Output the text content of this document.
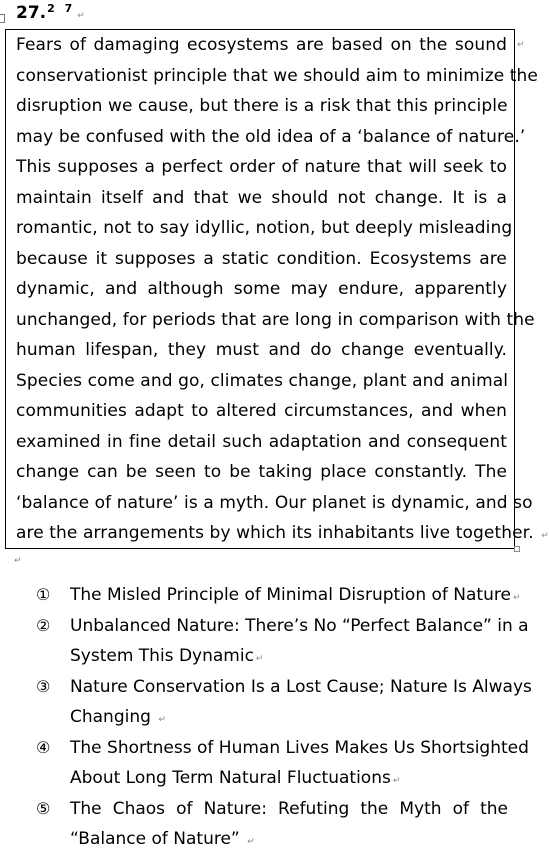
27.$^{2 7}$↵
↵
Fears of damaging ecosystems are based on the sound
conservationist principle that we should aim to minimize the
disruption we cause, but there is a risk that this principle
may be confused with the old idea of a ‘balance of nature.’
This supposes a perfect order of nature that will seek to
maintain itself and that we should not change. It is a
romantic, not to say idyllic, notion, but deeply misleading
because it supposes a static condition. Ecosystems are
dynamic, and although some may endure, apparently
unchanged, for periods that are long in comparison with the
human lifespan, they must and do change eventually.
Species come and go, climates change, plant and animal
communities adapt to altered circumstances, and when
examined in fine detail such adaptation and consequent
change can be seen to be taking place constantly. The
‘balance of nature’ is a myth. Our planet is dynamic, and so
are the arrangements by which its inhabitants live together. ↵
↵
①	The Misled Principle of Minimal Disruption of Nature ↵
②	Unbalanced Nature: There’s No “Perfect Balance” in a
System This Dynamic ↵
③	Nature Conservation Is a Lost Cause; Nature Is Always
Changing ↵
④	The Shortness of Human Lives Makes Us Shortsighted
About Long Term Natural Fluctuations ↵
⑤	The Chaos of Nature: Refuting the Myth of the
“Balance of Nature” ↵
